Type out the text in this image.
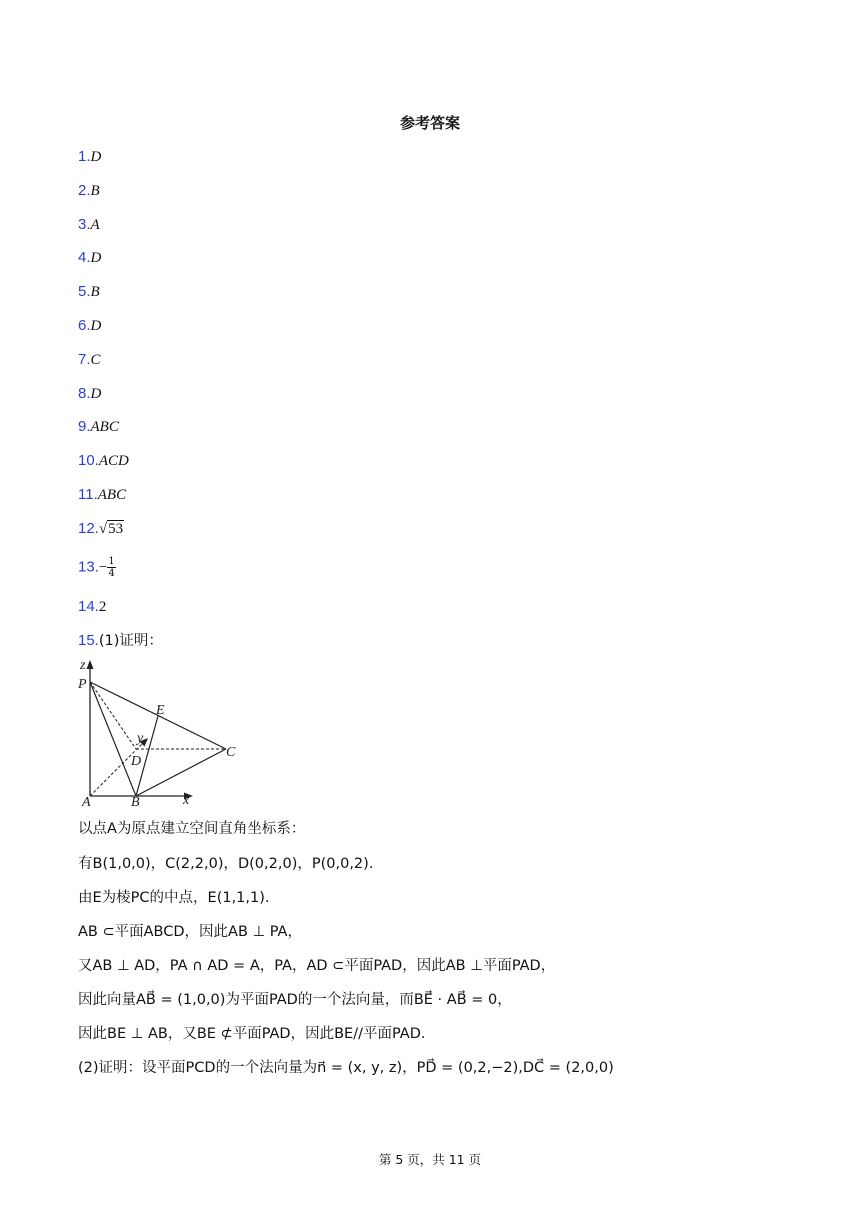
参考答案
1.D
2.B
3.A
4.D
5.B
6.D
7.C
8.D
9.ABC
10.ACD
11.ABC
12.√53
$13.- \frac{1}{4}$
14.2
15.(1)证明：
z
P
E
y
D
C
A	B	x
以点A为原点建立空间直角坐标系：
有B(1,0,0)，C(2,2,0)，D(0,2,0)，P(0,0,2).
由E为棱PC的中点，E(1,1,1).
AB ⊂平面ABCD，因此AB ⊥ PA，
又AB ⊥ AD，PA ∩ AD = A，PA，AD ⊂平面PAD，因此AB ⊥平面PAD，
因此向量AB⃗ = (1,0,0)为平面PAD的一个法向量，而BE⃗ · AB⃗ = 0，
因此BE ⊥ AB，又BE ⊄平面PAD，因此BE//平面PAD.
(2)证明：设平面PCD的一个法向量为n⃗ = (x, y, z)，PD⃗ = (0,2,−2),DC⃗ = (2,0,0)
第 5 页，共 11 页
